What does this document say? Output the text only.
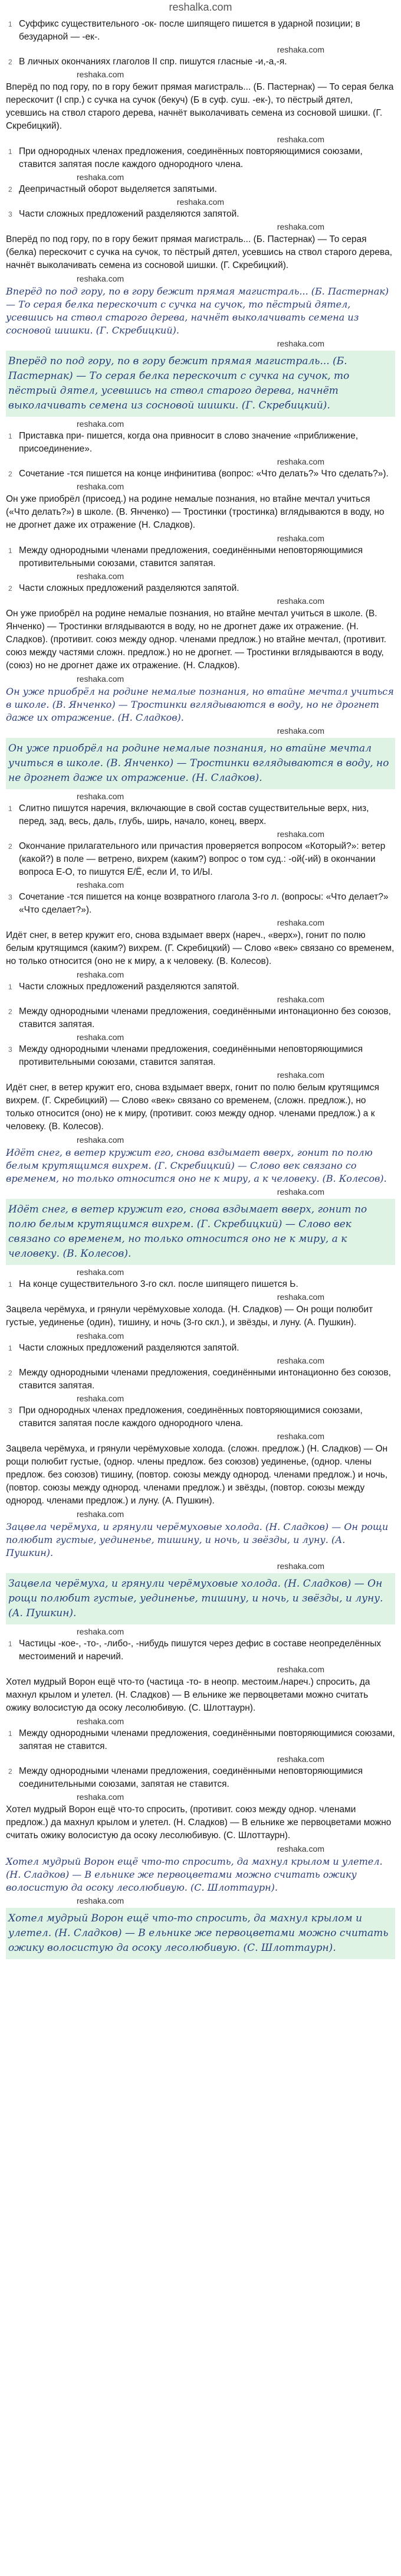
reshalka.com
1 Суффикс существительного -ок- после шипящего пишется в ударной позиции; в безударной — -ек-.
reshaka.com
2 В личных окончаниях глаголов II спр. пишутся гласные -и,-а,-я.
reshaka.com
Вперёд по под гору, по в гору бежит прямая магистраль... (Б. Пастернак) — То серая белка перескочит (I спр.) с сучка на сучок (бекуч) (Б в суф. суш. -ек-), то пёстрый дятел, усевшись на ствол старого дерева, начнёт выколачивать семена из сосновой шишки. (Г. Скребицкий).
reshaka.com
1 При однородных членах предложения, соединённых повторяющимися союзами, ставится запятая после каждого однородного члена.
reshaka.com
2 Деепричастный оборот выделяется запятыми.
reshaka.com
3 Части сложных предложений разделяются запятой.
reshaka.com
Вперёд по под гору, по в гору бежит прямая магистраль... (Б. Пастернак) — То серая (белка) перескочит с сучка на сучок, то пёстрый дятел, усевшись на ствол старого дерева, начнёт выколачивать семена из сосновой шишки. (Г. Скребицкий).
reshaka.com
Вперёд по под гору, по в гору бежит прямая магистраль... (Б. Пастернак) — То серая белка перескочит с сучка на сучок, то пёстрый дятел, усевшись на ствол старого дерева, начнёт выколачивать семена из сосновой шишки. (Г. Скребицкий).
reshaka.com
Вперёд по под гору, по в гору бежит прямая магистраль... (Б. Пастернак) — То серая белка перескочит с сучка на сучок, то пёстрый дятел, усевшись на ствол старого дерева, начнёт выколачивать семена из сосновой шишки. (Г. Скребицкий).
reshaka.com
1 Приставка при- пишется, когда она привносит в слово значение «приближение, присоединение».
reshaka.com
2 Сочетание -тся пишется на конце инфинитива (вопрос: «Что делать?» Что сделать?»).
reshaka.com
Он уже приобрёл (присоед.) на родине немалые познания, но втайне мечтал учиться («Что делать?») в школе. (В. Янченко) — Тростинки (тростинка) вглядываются в воду, но не дрогнет даже их отражение (Н. Сладков).
reshaka.com
1 Между однородными членами предложения, соединёнными неповторяющимися противительными союзами, ставится запятая.
reshaka.com
2 Части сложных предложений разделяются запятой.
reshaka.com
Он уже приобрёл на родине немалые познания, но втайне мечтал учиться в школе. (В. Янченко) — Тростинки вглядываются в воду, но не дрогнет даже их отражение. (Н. Сладков). (противит. союз между однор. членами предлож.) но втайне мечтал, (противит. союз между частями сложн. предлож.) но не дрогнет. — Тростинки вглядываются в воду, (союз) но не дрогнет даже их отражение. (Н. Сладков).
reshaka.com
Он уже приобрёл на родине немалые познания, но втайне мечтал учиться в школе. (В. Янченко) — Тростинки вглядываются в воду, но не дрогнет даже их отражение. (Н. Сладков).
reshaka.com
Он уже приобрёл на родине немалые познания, но втайне мечтал учиться в школе. (В. Янченко) — Тростинки вглядываются в воду, но не дрогнет даже их отражение. (Н. Сладков).
reshaka.com
1 Слитно пишутся наречия, включающие в свой состав существительные верх, низ, перед, зад, весь, даль, глубь, ширь, начало, конец, вверх.
reshaka.com
2 Окончание прилагательного или причастия проверяется вопросом «Который?»: ветер (какой?) в поле — ветрено, вихрем (каким?) вопрос о том суд.: -ой(-ий) в окончании вопроса Е-О, то пишутся Е/Ё, если И, то И/Ы.
reshaka.com
3 Сочетание -тся пишется на конце возвратного глагола 3-го л. (вопросы: «Что делает?» «Что сделает?»).
reshaka.com
Идёт снег, в ветер кружит его, снова вздымает вверх (нареч., «верх»), гонит по полю белым крутящимся (каким?) вихрем. (Г. Скребицкий) — Слово «век» связано со временем, но только относится (оно не к миру, а к человеку. (В. Колесов).
reshaka.com
1 Части сложных предложений разделяются запятой.
reshaka.com
2 Между однородными членами предложения, соединёнными интонационно без союзов, ставится запятая.
reshaka.com
3 Между однородными членами предложения, соединёнными неповторяющимися противительными союзами, ставится запятая.
reshaka.com
Идёт снег, в ветер кружит его, снова вздымает вверх, гонит по полю белым крутящимся вихрем. (Г. Скребицкий) — Слово «век» связано со временем, (сложн. предлож.), но только относится (оно) не к миру, (противит. союз между однор. членами предлож.) а к человеку. (В. Колесов).
reshaka.com
Идёт снег, в ветер кружит его, снова вздымает вверх, гонит по полю белым крутящимся вихрем. (Г. Скребицкий) — Слово век связано со временем, но только относится оно не к миру, а к человеку. (В. Колесов).
reshaka.com
Идёт снег, в ветер кружит его, снова вздымает вверх, гонит по полю белым крутящимся вихрем. (Г. Скребицкий) — Слово век связано со временем, но только относится оно не к миру, а к человеку. (В. Колесов).
reshaka.com
1 На конце существительного 3-го скл. после шипящего пишется Ь.
reshaka.com
Зацвела черёмуха, и грянули черёмуховые холода. (Н. Сладков) — Он рощи полюбит густые, уединенье (один), тишину, и ночь (3-го скл.), и звёзды, и луну. (А. Пушкин).
reshaka.com
1 Части сложных предложений разделяются запятой.
reshaka.com
2 Между однородными членами предложения, соединёнными интонационно без союзов, ставится запятая.
reshaka.com
3 При однородных членах предложения, соединённых повторяющимися союзами, ставится запятая после каждого однородного члена.
reshaka.com
Зацвела черёмуха, и грянули черёмуховые холода. (сложн. предлож.) (Н. Сладков) — Он рощи полюбит густые, (однор. члены предлож. без союзов) уединенье, (однор. члены предлож. без союзов) тишину, (повтор. союзы между однород. членами предлож.) и ночь, (повтор. союзы между однород. членами предлож.) и звёзды, (повтор. союзы между однород. членами предлож.) и луну. (А. Пушкин).
reshaka.com
Зацвела черёмуха, и грянули черёмуховые холода. (Н. Сладков) — Он рощи полюбит густые, уединенье, тишину, и ночь, и звёзды, и луну. (А. Пушкин).
reshaka.com
Зацвела черёмуха, и грянули черёмуховые холода. (Н. Сладков) — Он рощи полюбит густые, уединенье, тишину, и ночь, и звёзды, и луну. (А. Пушкин).
reshaka.com
1 Частицы -кое-, -то-, -либо-, -нибудь пишутся через дефис в составе неопределённых местоимений и наречий.
reshaka.com
Хотел мудрый Ворон ещё что-то (частица -то- в неопр. местоим./нареч.) спросить, да махнул крылом и улетел. (Н. Сладков) — В ельнике же первоцветами можно считать ожику волосистую да осоку лесолюбивую. (С. Шлоттаурн).
reshaka.com
1 Между однородными членами предложения, соединёнными повторяющимися союзами, запятая не ставится.
reshaka.com
2 Между однородными членами предложения, соединёнными неповторяющимися соединительными союзами, запятая не ставится.
reshaka.com
Хотел мудрый Ворон ещё что-то спросить, (противит. союз между однор. членами предлож.) да махнул крылом и улетел. (Н. Сладков) — В ельнике же первоцветами можно считать ожику волосистую да осоку лесолюбивую. (С. Шлоттаурн).
reshaka.com
Хотел мудрый Ворон ещё что-то спросить, да махнул крылом и улетел. (Н. Сладков) — В ельнике же первоцветами можно считать ожику волосистую да осоку лесолюбивую. (С. Шлоттаурн).
reshaka.com
Хотел мудрый Ворон ещё что-то спросить, да махнул крылом и улетел. (Н. Сладков) — В ельнике же первоцветами можно считать ожику волосистую да осоку лесолюбивую. (С. Шлоттаурн).
